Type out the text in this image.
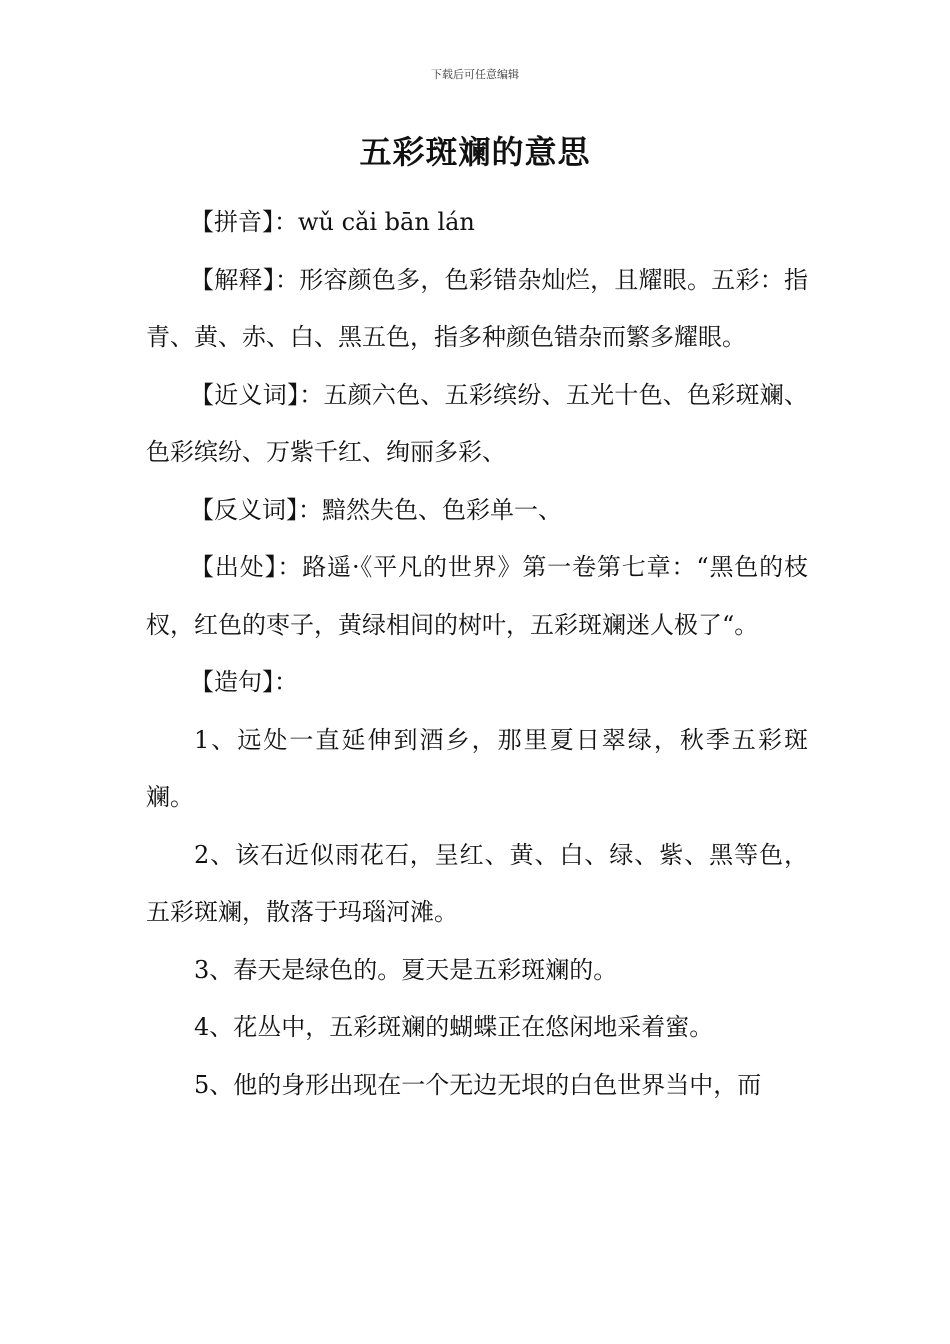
下载后可任意编辑
五彩斑斓的意思

【拼音】：wǔ cǎi bān lán

【解释】：形容颜色多，色彩错杂灿烂，且耀眼。五彩：指青、黄、赤、白、黑五色，指多种颜色错杂而繁多耀眼。

【近义词】：五颜六色、五彩缤纷、五光十色、色彩斑斓、色彩缤纷、万紫千红、绚丽多彩、

【反义词】：黯然失色、色彩单一、

【出处】：路遥·《平凡的世界》第一卷第七章：“黑色的枝杈，红色的枣子，黄绿相间的树叶，五彩斑斓迷人极了“。

【造句】：

1、远处一直延伸到酒乡，那里夏日翠绿，秋季五彩斑斓。

2、该石近似雨花石，呈红、黄、白、绿、紫、黑等色，五彩斑斓，散落于玛瑙河滩。

3、春天是绿色的。夏天是五彩斑斓的。

4、花丛中，五彩斑斓的蝴蝶正在悠闲地采着蜜。

5、他的身形出现在一个无边无垠的白色世界当中，而
